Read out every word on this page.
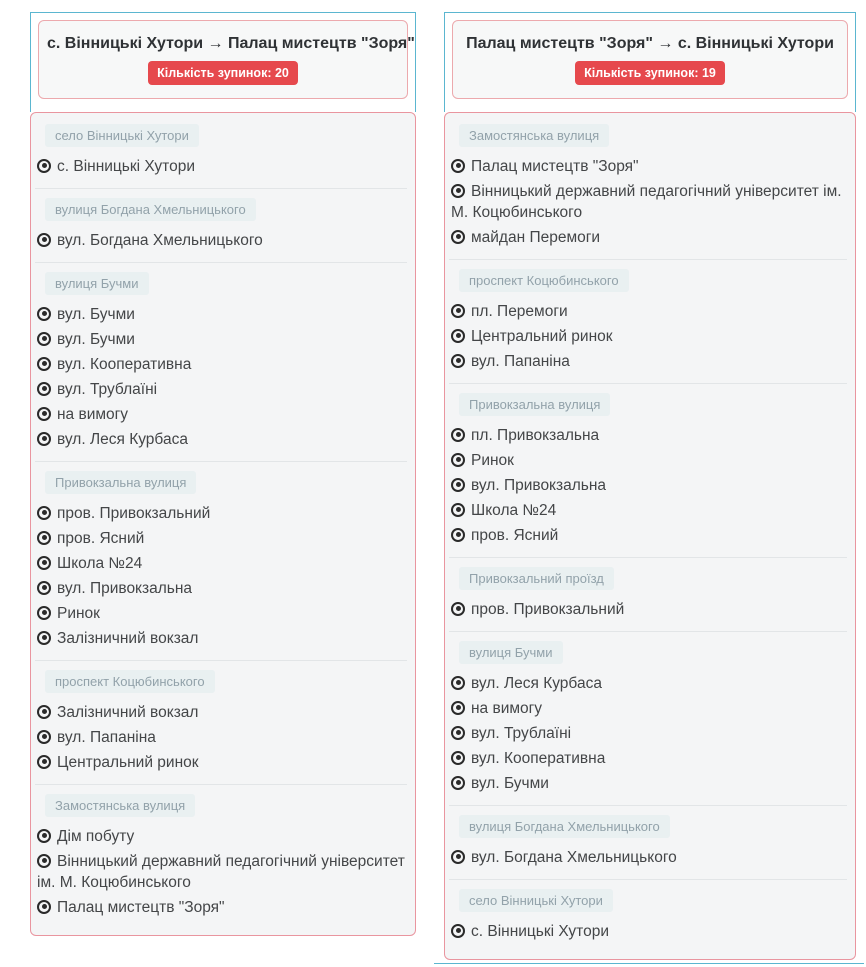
с. Вінницькі Хутори → Палац мистецтв "Зоря"
Кількість зупинок: 20
село Вінницькі Хутори
с. Вінницькі Хутори
вулиця Богдана Хмельницького
вул. Богдана Хмельницького
вулиця Бучми
вул. Бучми
вул. Бучми
вул. Кооперативна
вул. Трублаїні
на вимогу
вул. Леся Курбаса
Привокзальна вулиця
пров. Привокзальний
пров. Ясний
Школа №24
вул. Привокзальна
Ринок
Залізничний вокзал
проспект Коцюбинського
Залізничний вокзал
вул. Папаніна
Центральний ринок
Замостянська вулиця
Дім побуту
Вінницький державний педагогічний університет ім. М. Коцюбинського
Палац мистецтв "Зоря"
Палац мистецтв "Зоря" → с. Вінницькі Хутори
Кількість зупинок: 19
Замостянська вулиця
Палац мистецтв "Зоря"
Вінницький державний педагогічний університет ім. М. Коцюбинського
майдан Перемоги
проспект Коцюбинського
пл. Перемоги
Центральний ринок
вул. Папаніна
Привокзальна вулиця
пл. Привокзальна
Ринок
вул. Привокзальна
Школа №24
пров. Ясний
Привокзальний проїзд
пров. Привокзальний
вулиця Бучми
вул. Леся Курбаса
на вимогу
вул. Трублаїні
вул. Кооперативна
вул. Бучми
вулиця Богдана Хмельницького
вул. Богдана Хмельницького
село Вінницькі Хутори
с. Вінницькі Хутори
